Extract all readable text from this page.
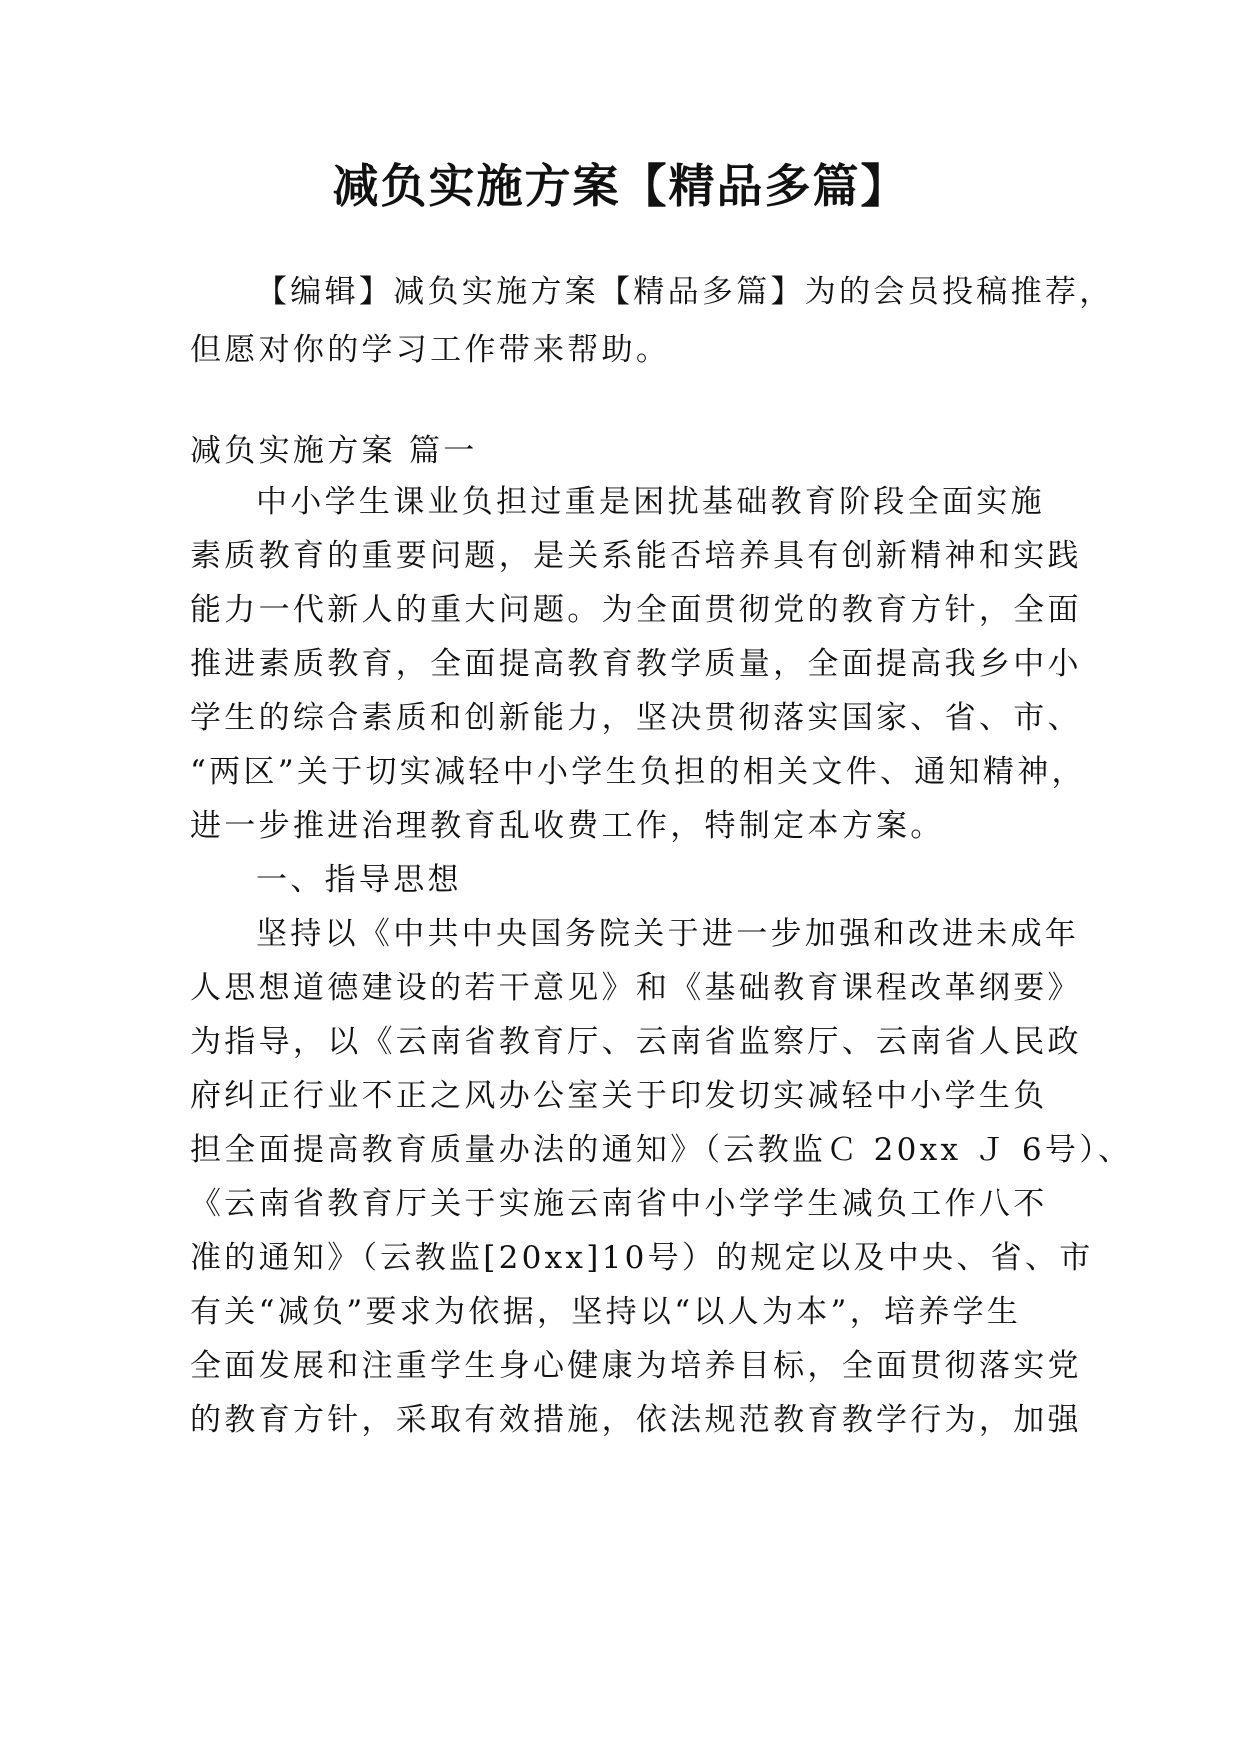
减负实施方案【精品多篇】
【编辑】减负实施方案【精品多篇】为的会员投稿推荐，
但愿对你的学习工作带来帮助。
减负实施方案 篇一
中小学生课业负担过重是困扰基础教育阶段全面实施
素质教育的重要问题，是关系能否培养具有创新精神和实践
能力一代新人的重大问题。为全面贯彻党的教育方针，全面
推进素质教育，全面提高教育教学质量，全面提高我乡中小
学生的综合素质和创新能力，坚决贯彻落实国家、省、市、
“两区”关于切实减轻中小学生负担的相关文件、通知精神，
进一步推进治理教育乱收费工作，特制定本方案。
一、指导思想
坚持以《中共中央国务院关于进一步加强和改进未成年
人思想道德建设的若干意见》和《基础教育课程改革纲要》
为指导，以《云南省教育厅、云南省监察厅、云南省人民政
府纠正行业不正之风办公室关于印发切实减轻中小学生负
担全面提高教育质量办法的通知》（云教监Ｃ 20xx Ｊ 6号）、
《云南省教育厅关于实施云南省中小学学生减负工作八不
准的通知》（云教监[20xx]10号）的规定以及中央、省、市
有关“减负”要求为依据，坚持以“以人为本”，培养学生
全面发展和注重学生身心健康为培养目标，全面贯彻落实党
的教育方针，采取有效措施，依法规范教育教学行为，加强
